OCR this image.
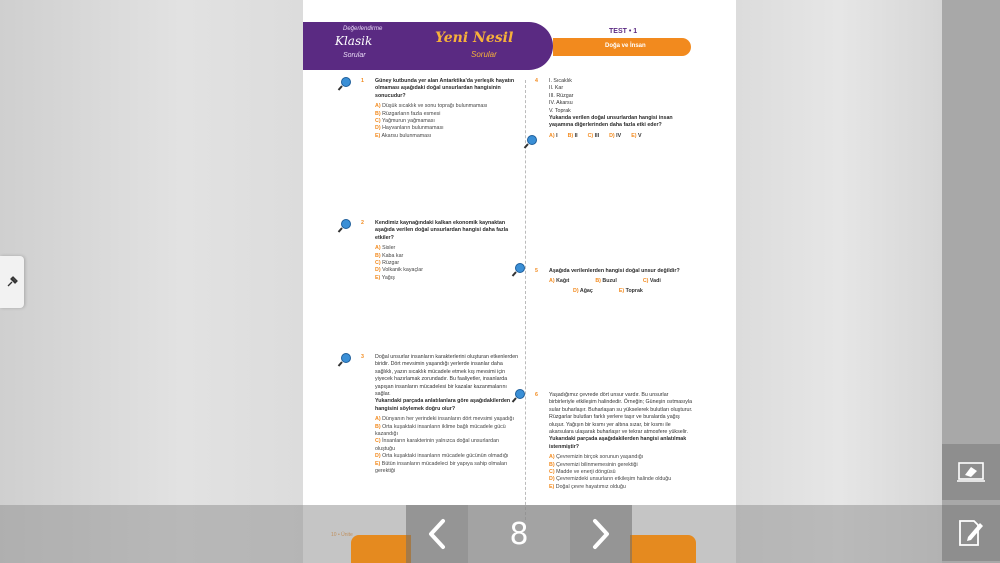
Değerlendirme
Klasik
Sorular
Yeni Nesil
Sorular
TEST • 1
Doğa ve İnsan
1 Güney kutbunda yer alan Antarktika'da yerleşik hayatın olmaması aşağıdaki doğal unsurlardan hangisinin sonucudur?
A) Düşük sıcaklık ve sonu toprağı bulunmaması
B) Rüzgarların fazla esmesi
C) Yağmurun yağmaması
D) Hayvanların bulunmaması
E) Akarsu bulunmaması
2 Kendimiz kaynağındaki kalkan ekonomik kaynaktan aşağıda verilen doğal unsurlardan hangisi daha fazla etkiler?
A) Sisler
B) Kaba kar
C) Rüzgar
D) Volkanik kayaçlar
E) Yağış
3 Doğal unsurlar insanların karakterlerini oluşturan etkenlerden biridir. Dört mevsimin yaşandığı yerlerde insanlar daha sağlıklı, yazın sıcaklık mücadele etmek kış mevsimi için yiyecek hazırlamak zorundadır. Bu faaliyetler, insanlarda yapışan insanların mücadelesi bir kazalar kazanmalarını sağlar.
Yukarıdaki parçada anlatılanlara göre aşağıdakilerden hangisini söylemek doğru olur?
A) Dünyanın her yerindeki insanların dört mevsimi yaşadığı
B) Orta kuşaktaki insanların iklime bağlı mücadele gücü kazandığı
C) İnsanların karakterinin yalnızca doğal unsurlardan oluştuğu
D) Orta kuşaktaki insanların mücadele gücünün olmadığı
E) Bütün insanların mücadeleci bir yapıya sahip olmaları gerektiği
4 I. Sıcaklık
II. Kar
III. Rüzgar
IV. Akarsu
V. Toprak
Yukarıda verilen doğal unsurlardan hangisi insan yaşamına diğerlerinden daha fazla etki eder?
A) I B) II C) III D) IV E) V
5 Aşağıda verilenlerden hangisi doğal unsur değildir?
A) Kağıt	B) Buzul	C) Vadi
D) Ağaç	E) Toprak
6 Yaşadığımız çevrede dört unsur vardır. Bu unsurlar birbirleriyle etkileşim halindedir. Örneğin; Güneşin ısıtmasıyla sular buharlaşır. Buharlaşan su yükselerek bulutları oluşturur. Rüzgarlar bulutları farklı yerlere taşır ve buralarda yağış oluşur. Yağışın bir kısmı yer altına sızar, bir kısmı ile akarsulara ulaşarak buharlaşır ve tekrar atmosfere yükselir.
Yukarıdaki parçada aşağıdakilerden hangisi anlatılmak istenmiştir?
A) Çevremizin birçok sorunun yaşandığı
B) Çevremizi bilinmemesinin gerektiği
C) Madde ve enerji döngüsü
D) Çevremizdeki unsurların etkileşim halinde olduğu
E) Doğal çevre hayatımız olduğu
8
